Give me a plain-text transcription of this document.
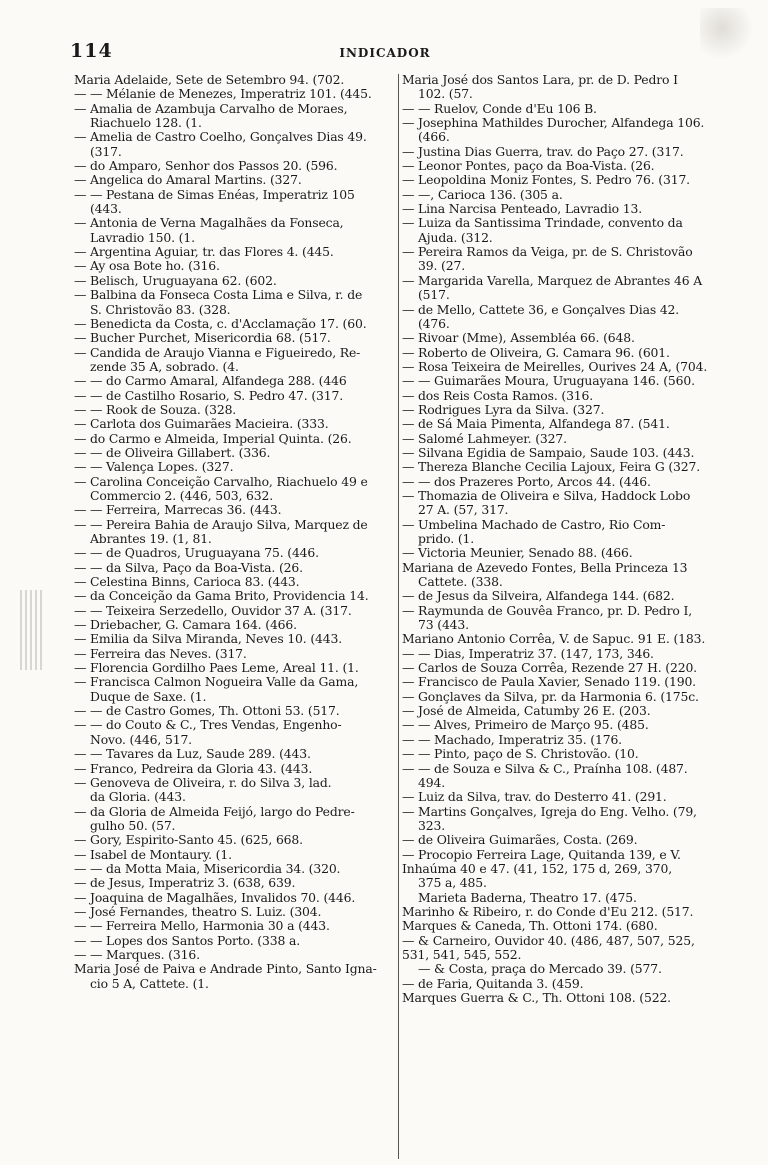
114	INDICADOR
Maria Adelaide, Sete de Setembro 94. (702.
— — Mélanie de Menezes, Imperatriz 101. (445.
— Amalia de Azambuja Carvalho de Moraes,
Riachuelo 128. (1.
— Amelia de Castro Coelho, Gonçalves Dias 49.
(317.
— do Amparo, Senhor dos Passos 20. (596.
— Angelica do Amaral Martins. (327.
— — Pestana de Simas Enéas, Imperatriz 105
(443.
— Antonia de Verna Magalhães da Fonseca,
Lavradio 150. (1.
— Argentina Aguiar, tr. das Flores 4. (445.
— Ay osa Bote ho. (316.
— Belisch, Uruguayana 62. (602.
— Balbina da Fonseca Costa Lima e Silva, r. de
S. Christovão 83. (328.
— Benedicta da Costa, c. d'Acclamação 17. (60.
— Bucher Purchet, Misericordia 68. (517.
— Candida de Araujo Vianna e Figueiredo, Re-
zende 35 A, sobrado. (4.
— — do Carmo Amaral, Alfandega 288. (446
— — de Castilho Rosario, S. Pedro 47. (317.
— — Rook de Souza. (328.
— Carlota dos Guimarães Macieira. (333.
— do Carmo e Almeida, Imperial Quinta. (26.
— — de Oliveira Gillabert. (336.
— — Valença Lopes. (327.
— Carolina Conceição Carvalho, Riachuelo 49 e
Commercio 2. (446, 503, 632.
— — Ferreira, Marrecas 36. (443.
— — Pereira Bahia de Araujo Silva, Marquez de
Abrantes 19. (1, 81.
— — de Quadros, Uruguayana 75. (446.
— — da Silva, Paço da Boa-Vista. (26.
— Celestina Binns, Carioca 83. (443.
— da Conceição da Gama Brito, Providencia 14.
— — Teixeira Serzedello, Ouvidor 37 A. (317.
— Driebacher, G. Camara 164. (466.
— Emilia da Silva Miranda, Neves 10. (443.
— Ferreira das Neves. (317.
— Florencia Gordilho Paes Leme, Areal 11. (1.
— Francisca Calmon Nogueira Valle da Gama,
Duque de Saxe. (1.
— — de Castro Gomes, Th. Ottoni 53. (517.
— — do Couto & C., Tres Vendas, Engenho-
Novo. (446, 517.
— — Tavares da Luz, Saude 289. (443.
— Franco, Pedreira da Gloria 43. (443.
— Genoveva de Oliveira, r. do Silva 3, lad.
da Gloria. (443.
— da Gloria de Almeida Feijó, largo do Pedre-
gulho 50. (57.
— Gory, Espirito-Santo 45. (625, 668.
— Isabel de Montaury. (1.
— — da Motta Maia, Misericordia 34. (320.
— de Jesus, Imperatriz 3. (638, 639.
— Joaquina de Magalhães, Invalidos 70. (446.
— José Fernandes, theatro S. Luiz. (304.
— — Ferreira Mello, Harmonia 30 a (443.
— — Lopes dos Santos Porto. (338 a.
— — Marques. (316.
Maria José de Paiva e Andrade Pinto, Santo Igna-
cio 5 A, Cattete. (1.
Maria José dos Santos Lara, pr. de D. Pedro I
102. (57.
— — Ruelov, Conde d'Eu 106 B.
— Josephina Mathildes Durocher, Alfandega 106.
(466.
— Justina Dias Guerra, trav. do Paço 27. (317.
— Leonor Pontes, paço da Boa-Vista. (26.
— Leopoldina Moniz Fontes, S. Pedro 76. (317.
— —, Carioca 136. (305 a.
— Lina Narcisa Penteado, Lavradio 13.
— Luiza da Santissima Trindade, convento da
Ajuda. (312.
— Pereira Ramos da Veiga, pr. de S. Christovão
39. (27.
— Margarida Varella, Marquez de Abrantes 46 A
(517.
— de Mello, Cattete 36, e Gonçalves Dias 42.
(476.
— Rivoar (Mme), Assembléa 66. (648.
— Roberto de Oliveira, G. Camara 96. (601.
— Rosa Teixeira de Meirelles, Ourives 24 A, (704.
— — Guimarães Moura, Uruguayana 146. (560.
— dos Reis Costa Ramos. (316.
— Rodrigues Lyra da Silva. (327.
— de Sá Maia Pimenta, Alfandega 87. (541.
— Salomé Lahmeyer. (327.
— Silvana Egidia de Sampaio, Saude 103. (443.
— Thereza Blanche Cecilia Lajoux, Feira G (327.
— — dos Prazeres Porto, Arcos 44. (446.
— Thomazia de Oliveira e Silva, Haddock Lobo
27 A. (57, 317.
— Umbelina Machado de Castro, Rio Com-
prido. (1.
— Victoria Meunier, Senado 88. (466.
Mariana de Azevedo Fontes, Bella Princeza 13
Cattete. (338.
— de Jesus da Silveira, Alfandega 144. (682.
— Raymunda de Gouvêa Franco, pr. D. Pedro I,
73 (443.
Mariano Antonio Corrêa, V. de Sapuc. 91 E. (183.
— — Dias, Imperatriz 37. (147, 173, 346.
— Carlos de Souza Corrêa, Rezende 27 H. (220.
— Francisco de Paula Xavier, Senado 119. (190.
— Gonçlaves da Silva, pr. da Harmonia 6. (175c.
— José de Almeida, Catumby 26 E. (203.
— — Alves, Primeiro de Março 95. (485.
— — Machado, Imperatriz 35. (176.
— — Pinto, paço de S. Christovão. (10.
— — de Souza e Silva & C., Praínha 108. (487.
494.
— Luiz da Silva, trav. do Desterro 41. (291.
— Martins Gonçalves, Igreja do Eng. Velho. (79,
323.
— de Oliveira Guimarães, Costa. (269.
— Procopio Ferreira Lage, Quitanda 139, e V.
Inhaúma 40 e 47. (41, 152, 175 d, 269, 370,
375 a, 485.
Marieta Baderna, Theatro 17. (475.
Marinho & Ribeiro, r. do Conde d'Eu 212. (517.
Marques & Caneda, Th. Ottoni 174. (680.
— & Carneiro, Ouvidor 40. (486, 487, 507, 525,
531, 541, 545, 552.
— & Costa, praça do Mercado 39. (577.
— de Faria, Quitanda 3. (459.
Marques Guerra & C., Th. Ottoni 108. (522.
